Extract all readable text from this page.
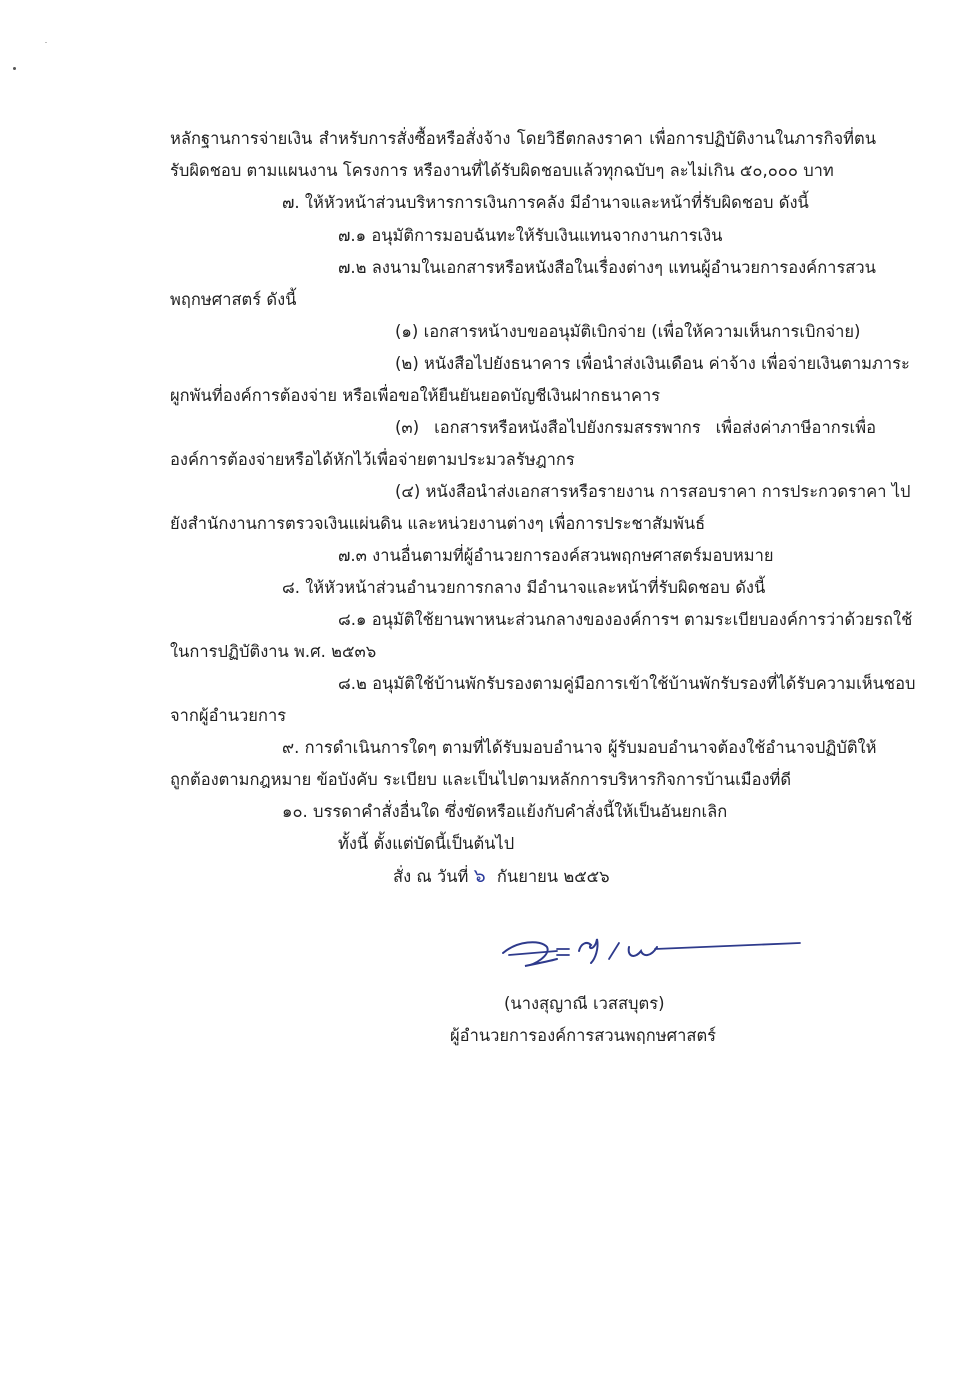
หลักฐานการจ่ายเงิน สำหรับการสั่งซื้อหรือสั่งจ้าง โดยวิธีตกลงราคา เพื่อการปฏิบัติงานในภารกิจที่ตน
รับผิดชอบ ตามแผนงาน โครงการ หรืองานที่ได้รับผิดชอบแล้วทุกฉบับๆ ละไม่เกิน ๕๐,๐๐๐ บาท
๗. ให้หัวหน้าส่วนบริหารการเงินการคลัง มีอำนาจและหน้าที่รับผิดชอบ ดังนี้
๗.๑ อนุมัติการมอบฉันทะให้รับเงินแทนจากงานการเงิน
๗.๒ ลงนามในเอกสารหรือหนังสือในเรื่องต่างๆ แทนผู้อำนวยการองค์การสวน
พฤกษศาสตร์ ดังนี้
(๑) เอกสารหน้างบขออนุมัติเบิกจ่าย (เพื่อให้ความเห็นการเบิกจ่าย)
(๒) หนังสือไปยังธนาคาร เพื่อนำส่งเงินเดือน ค่าจ้าง เพื่อจ่ายเงินตามภาระ
ผูกพันที่องค์การต้องจ่าย หรือเพื่อขอให้ยืนยันยอดบัญชีเงินฝากธนาคาร
(๓) เอกสารหรือหนังสือไปยังกรมสรรพากร เพื่อส่งค่าภาษีอากรเพื่อ
องค์การต้องจ่ายหรือได้หักไว้เพื่อจ่ายตามประมวลรัษฎากร
(๔) หนังสือนำส่งเอกสารหรือรายงาน การสอบราคา การประกวดราคา ไป
ยังสำนักงานการตรวจเงินแผ่นดิน และหน่วยงานต่างๆ เพื่อการประชาสัมพันธ์
๗.๓ งานอื่นตามที่ผู้อำนวยการองค์สวนพฤกษศาสตร์มอบหมาย
๘. ให้หัวหน้าส่วนอำนวยการกลาง มีอำนาจและหน้าที่รับผิดชอบ ดังนี้
๘.๑ อนุมัติใช้ยานพาหนะส่วนกลางขององค์การฯ ตามระเบียบองค์การว่าด้วยรถใช้
ในการปฏิบัติงาน พ.ศ. ๒๕๓๖
๘.๒ อนุมัติใช้บ้านพักรับรองตามคู่มือการเข้าใช้บ้านพักรับรองที่ได้รับความเห็นชอบ
จากผู้อำนวยการ
๙. การดำเนินการใดๆ ตามที่ได้รับมอบอำนาจ ผู้รับมอบอำนาจต้องใช้อำนาจปฏิบัติให้
ถูกต้องตามกฎหมาย ข้อบังคับ ระเบียบ และเป็นไปตามหลักการบริหารกิจการบ้านเมืองที่ดี
๑๐. บรรดาคำสั่งอื่นใด ซึ่งขัดหรือแย้งกับคำสั่งนี้ให้เป็นอันยกเลิก
ทั้งนี้ ตั้งแต่บัดนี้เป็นต้นไป
สั่ง ณ วันที่ ๖ กันยายน ๒๕๕๖
(นางสุญาณี เวสสบุตร)
ผู้อำนวยการองค์การสวนพฤกษศาสตร์
